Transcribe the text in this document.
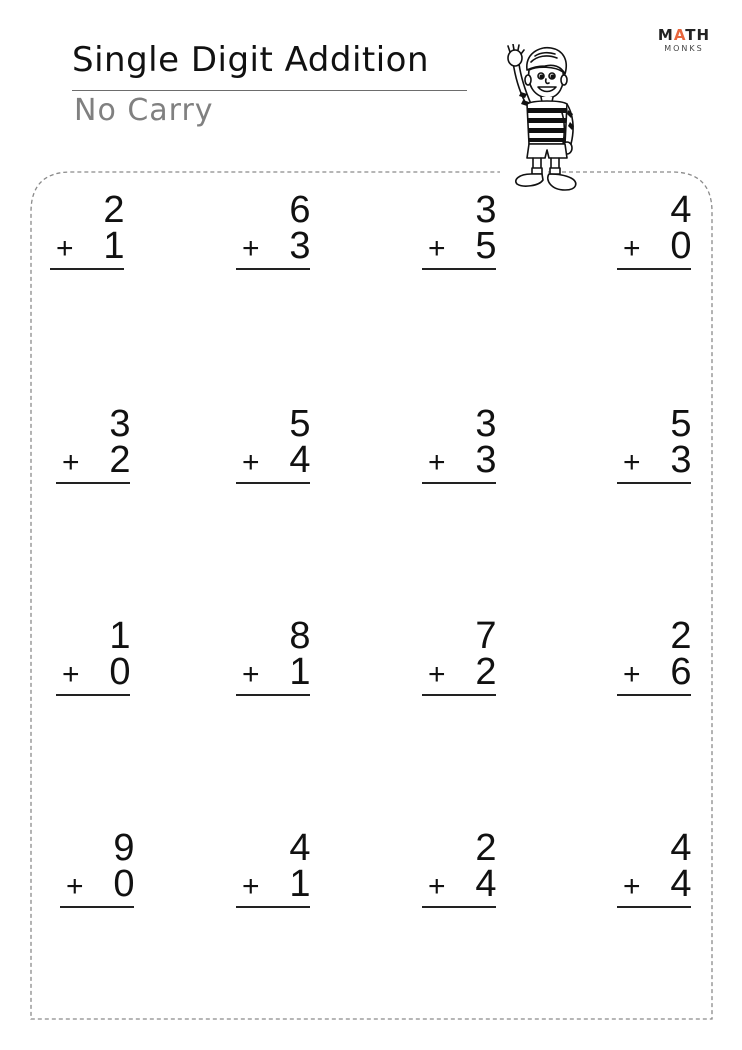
Single Digit Addition
No Carry
MATH
MONKS
2
+ 1
6
+ 3
3
+ 5
4
+ 0
3
+ 2
5
+ 4
3
+ 3
5
+ 3
1
+ 0
8
+ 1
7
+ 2
2
+ 6
9
+ 0
4
+ 1
2
+ 4
4
+ 4
